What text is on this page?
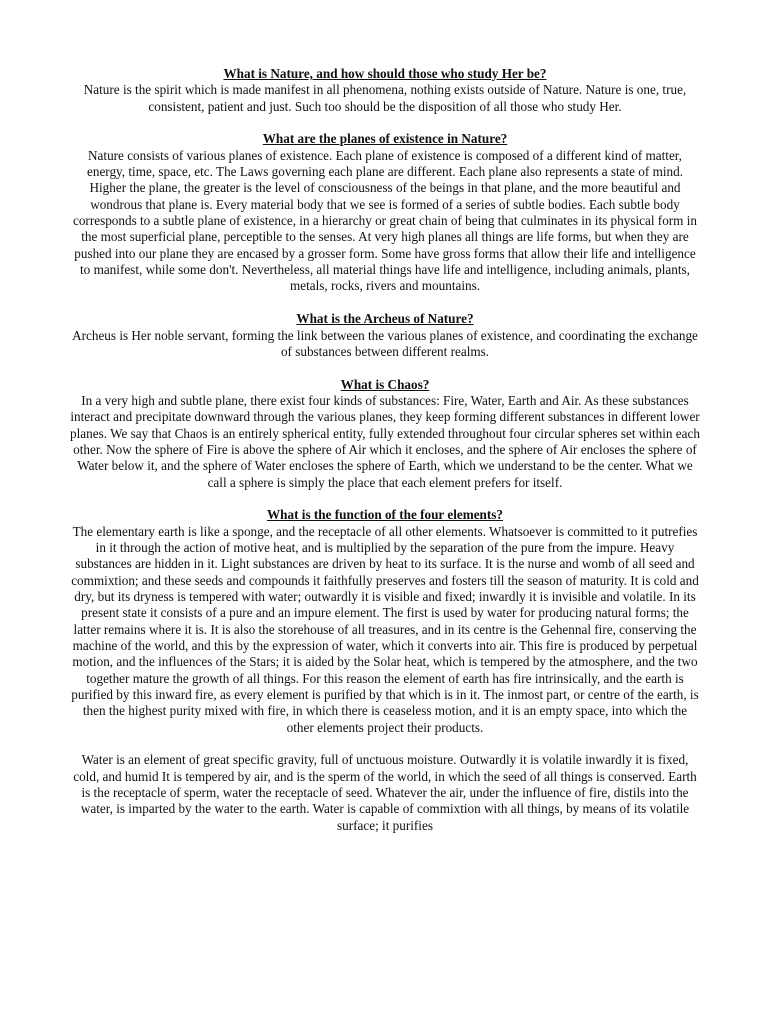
What is Nature, and how should those who study Her be?

Nature is the spirit which is made manifest in all phenomena, nothing exists outside of Nature. Nature is one, true, consistent, patient and just. Such too should be the disposition of all those who study Her.

What are the planes of existence in Nature?

Nature consists of various planes of existence. Each plane of existence is composed of a different kind of matter, energy, time, space, etc. The Laws governing each plane are different. Each plane also represents a state of mind. Higher the plane, the greater is the level of consciousness of the beings in that plane, and the more beautiful and wondrous that plane is. Every material body that we see is formed of a series of subtle bodies. Each subtle body corresponds to a subtle plane of existence, in a hierarchy or great chain of being that culminates in its physical form in the most superficial plane, perceptible to the senses. At very high planes all things are life forms, but when they are pushed into our plane they are encased by a grosser form. Some have gross forms that allow their life and intelligence to manifest, while some don't. Nevertheless, all material things have life and intelligence, including animals, plants, metals, rocks, rivers and mountains.

What is the Archeus of Nature?

Archeus is Her noble servant, forming the link between the various planes of existence, and coordinating the exchange of substances between different realms.

What is Chaos?

In a very high and subtle plane, there exist four kinds of substances: Fire, Water, Earth and Air. As these substances interact and precipitate downward through the various planes, they keep forming different substances in different lower planes. We say that Chaos is an entirely spherical entity, fully extended throughout four circular spheres set within each other. Now the sphere of Fire is above the sphere of Air which it encloses, and the sphere of Air encloses the sphere of Water below it, and the sphere of Water encloses the sphere of Earth, which we understand to be the center. What we call a sphere is simply the place that each element prefers for itself.

What is the function of the four elements?

The elementary earth is like a sponge, and the receptacle of all other elements. Whatsoever is committed to it putrefies in it through the action of motive heat, and is multiplied by the separation of the pure from the impure. Heavy substances are hidden in it. Light substances are driven by heat to its surface. It is the nurse and womb of all seed and commixtion; and these seeds and compounds it faithfully preserves and fosters till the season of maturity. It is cold and dry, but its dryness is tempered with water; outwardly it is visible and fixed; inwardly it is invisible and volatile. In its present state it consists of a pure and an impure element. The first is used by water for producing natural forms; the latter remains where it is. It is also the storehouse of all treasures, and in its centre is the Gehennal fire, conserving the machine of the world, and this by the expression of water, which it converts into air. This fire is produced by perpetual motion, and the influences of the Stars; it is aided by the Solar heat, which is tempered by the atmosphere, and the two together mature the growth of all things. For this reason the element of earth has fire intrinsically, and the earth is purified by this inward fire, as every element is purified by that which is in it. The inmost part, or centre of the earth, is then the highest purity mixed with fire, in which there is ceaseless motion, and it is an empty space, into which the other elements project their products.

Water is an element of great specific gravity, full of unctuous moisture. Outwardly it is volatile inwardly it is fixed, cold, and humid It is tempered by air, and is the sperm of the world, in which the seed of all things is conserved. Earth is the receptacle of sperm, water the receptacle of seed. Whatever the air, under the influence of fire, distils into the water, is imparted by the water to the earth. Water is capable of commixtion with all things, by means of its volatile surface; it purifies
